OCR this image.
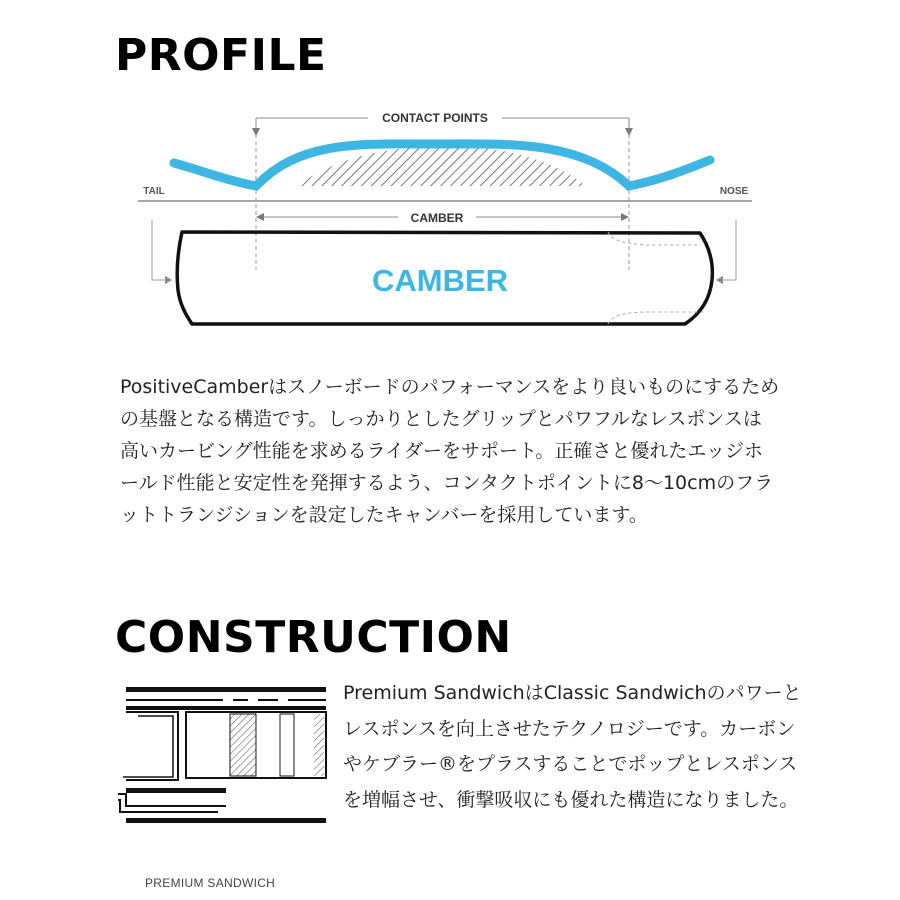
PROFILE
CONTACT POINTS
CAMBER
TAIL	NOSE
CAMBER
PositiveCamberはスノーボードのパフォーマンスをより良いものにするための基盤となる構造です。しっかりとしたグリップとパワフルなレスポンスは高いカービング性能を求めるライダーをサポート。正確さと優れたエッジホールド性能と安定性を発揮するよう、コンタクトポイントに8〜10cmのフラットトランジションを設定したキャンバーを採用しています。
CONSTRUCTION
Premium SandwichはClassic Sandwichのパワーとレスポンスを向上させたテクノロジーです。カーボンやケブラー®をプラスすることでポップとレスポンスを増幅させ、衝撃吸収にも優れた構造になりました。
PREMIUM SANDWICH
